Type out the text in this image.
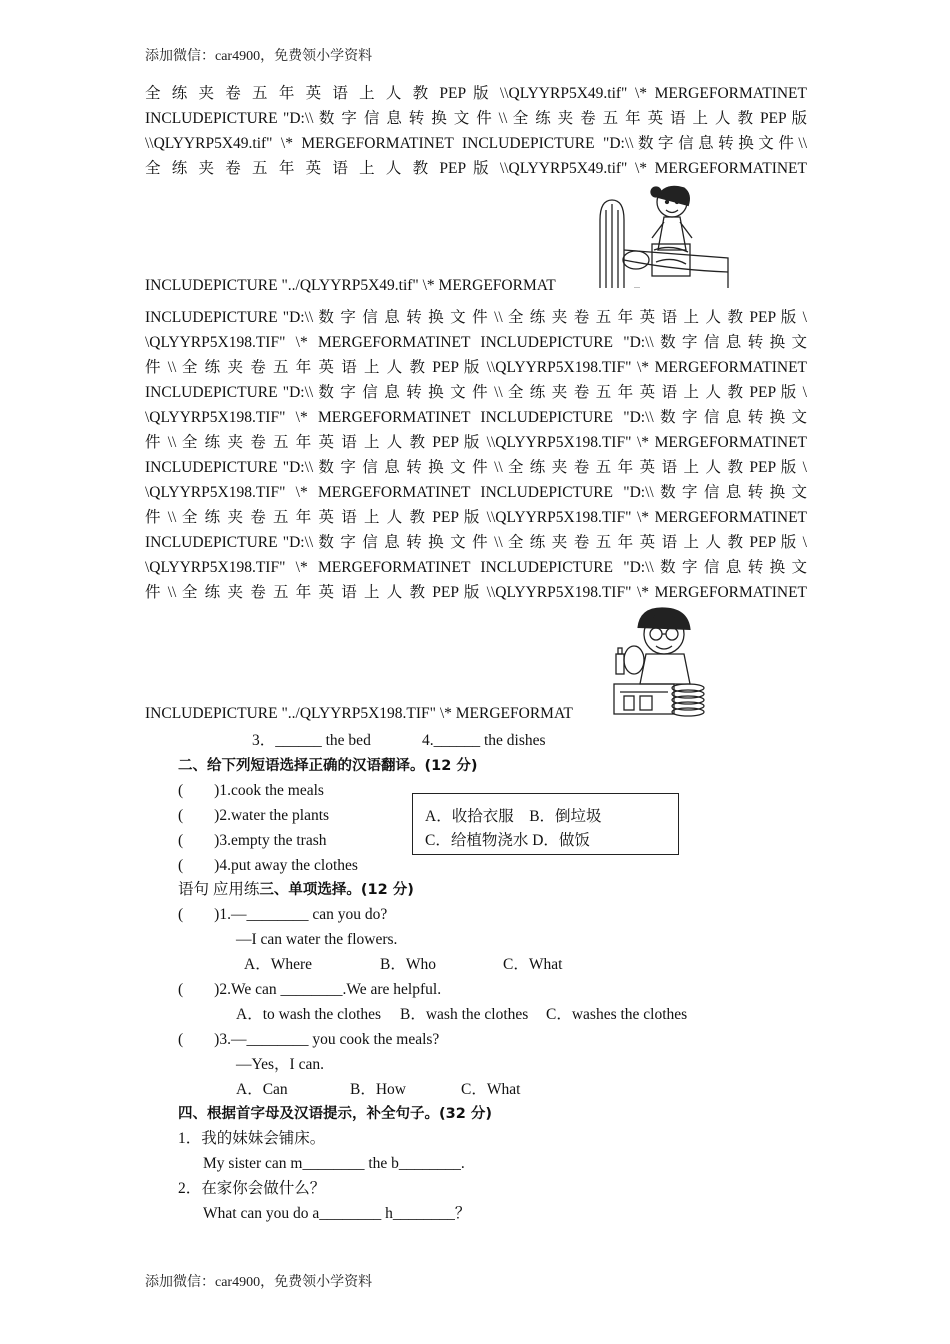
添加微信：car4900，免费领小学资料
全 练 夹 卷 五 年 英 语 上 人 教 PEP 版 \\QLYYRP5X49.tif" \* MERGEFORMATINET
INCLUDEPICTURE "D:\\ 数 字 信 息 转 换 文 件 \\ 全 练 夹 卷 五 年 英 语 上 人 教 PEP 版
\\QLYYRP5X49.tif" \* MERGEFORMATINET INCLUDEPICTURE "D:\\数字信息转换文件\\
全 练 夹 卷 五 年 英 语 上 人 教 PEP 版 \\QLYYRP5X49.tif" \* MERGEFORMATINET
INCLUDEPICTURE "../QLYYRP5X49.tif" \* MERGEFORMAT	...
INCLUDEPICTURE "D:\\ 数 字 信 息 转 换 文 件 \\ 全 练 夹 卷 五 年 英 语 上 人 教 PEP 版 \
\QLYYRP5X198.TIF" \* MERGEFORMATINET INCLUDEPICTURE "D:\\数字信息转换文
件 \\ 全 练 夹 卷 五 年 英 语 上 人 教 PEP 版 \\QLYYRP5X198.TIF" \* MERGEFORMATINET
INCLUDEPICTURE "D:\\ 数 字 信 息 转 换 文 件 \\ 全 练 夹 卷 五 年 英 语 上 人 教 PEP 版 \
\QLYYRP5X198.TIF" \* MERGEFORMATINET INCLUDEPICTURE "D:\\数字信息转换文
件 \\ 全 练 夹 卷 五 年 英 语 上 人 教 PEP 版 \\QLYYRP5X198.TIF" \* MERGEFORMATINET
INCLUDEPICTURE "D:\\ 数 字 信 息 转 换 文 件 \\ 全 练 夹 卷 五 年 英 语 上 人 教 PEP 版 \
\QLYYRP5X198.TIF" \* MERGEFORMATINET INCLUDEPICTURE "D:\\数字信息转换文
件 \\ 全 练 夹 卷 五 年 英 语 上 人 教 PEP 版 \\QLYYRP5X198.TIF" \* MERGEFORMATINET
INCLUDEPICTURE "D:\\ 数 字 信 息 转 换 文 件 \\ 全 练 夹 卷 五 年 英 语 上 人 教 PEP 版 \
\QLYYRP5X198.TIF" \* MERGEFORMATINET INCLUDEPICTURE "D:\\数字信息转换文
件 \\ 全 练 夹 卷 五 年 英 语 上 人 教 PEP 版 \\QLYYRP5X198.TIF" \* MERGEFORMATINET
INCLUDEPICTURE "../QLYYRP5X198.TIF" \* MERGEFORMAT
3．______ the bed	4.______ the dishes
二、给下列短语选择正确的汉语翻译。(12 分)
(　　)1.cook the meals
(　　)2.water the plants
(　　)3.empty the trash
(　　)4.put away the clothes
A．收拾衣服　B．倒垃圾
C．给植物浇水 D．做饭
语句 应用练三、单项选择。(12 分)
(　　)1.—________ can you do?
—I can water the flowers.
A．Where	B．Who	C．What
(　　)2.We can ________.We are helpful.
A．to wash the clothes B．wash the clothes C．washes the clothes
(　　)3.—________ you cook the meals?
—Yes，I can.
A．Can	B．How	C．What
四、根据首字母及汉语提示，补全句子。(32 分)
1．我的妹妹会铺床。
My sister can m________ the b________.
2．在家你会做什么？
What can you do a________ h________？
添加微信：car4900，免费领小学资料
